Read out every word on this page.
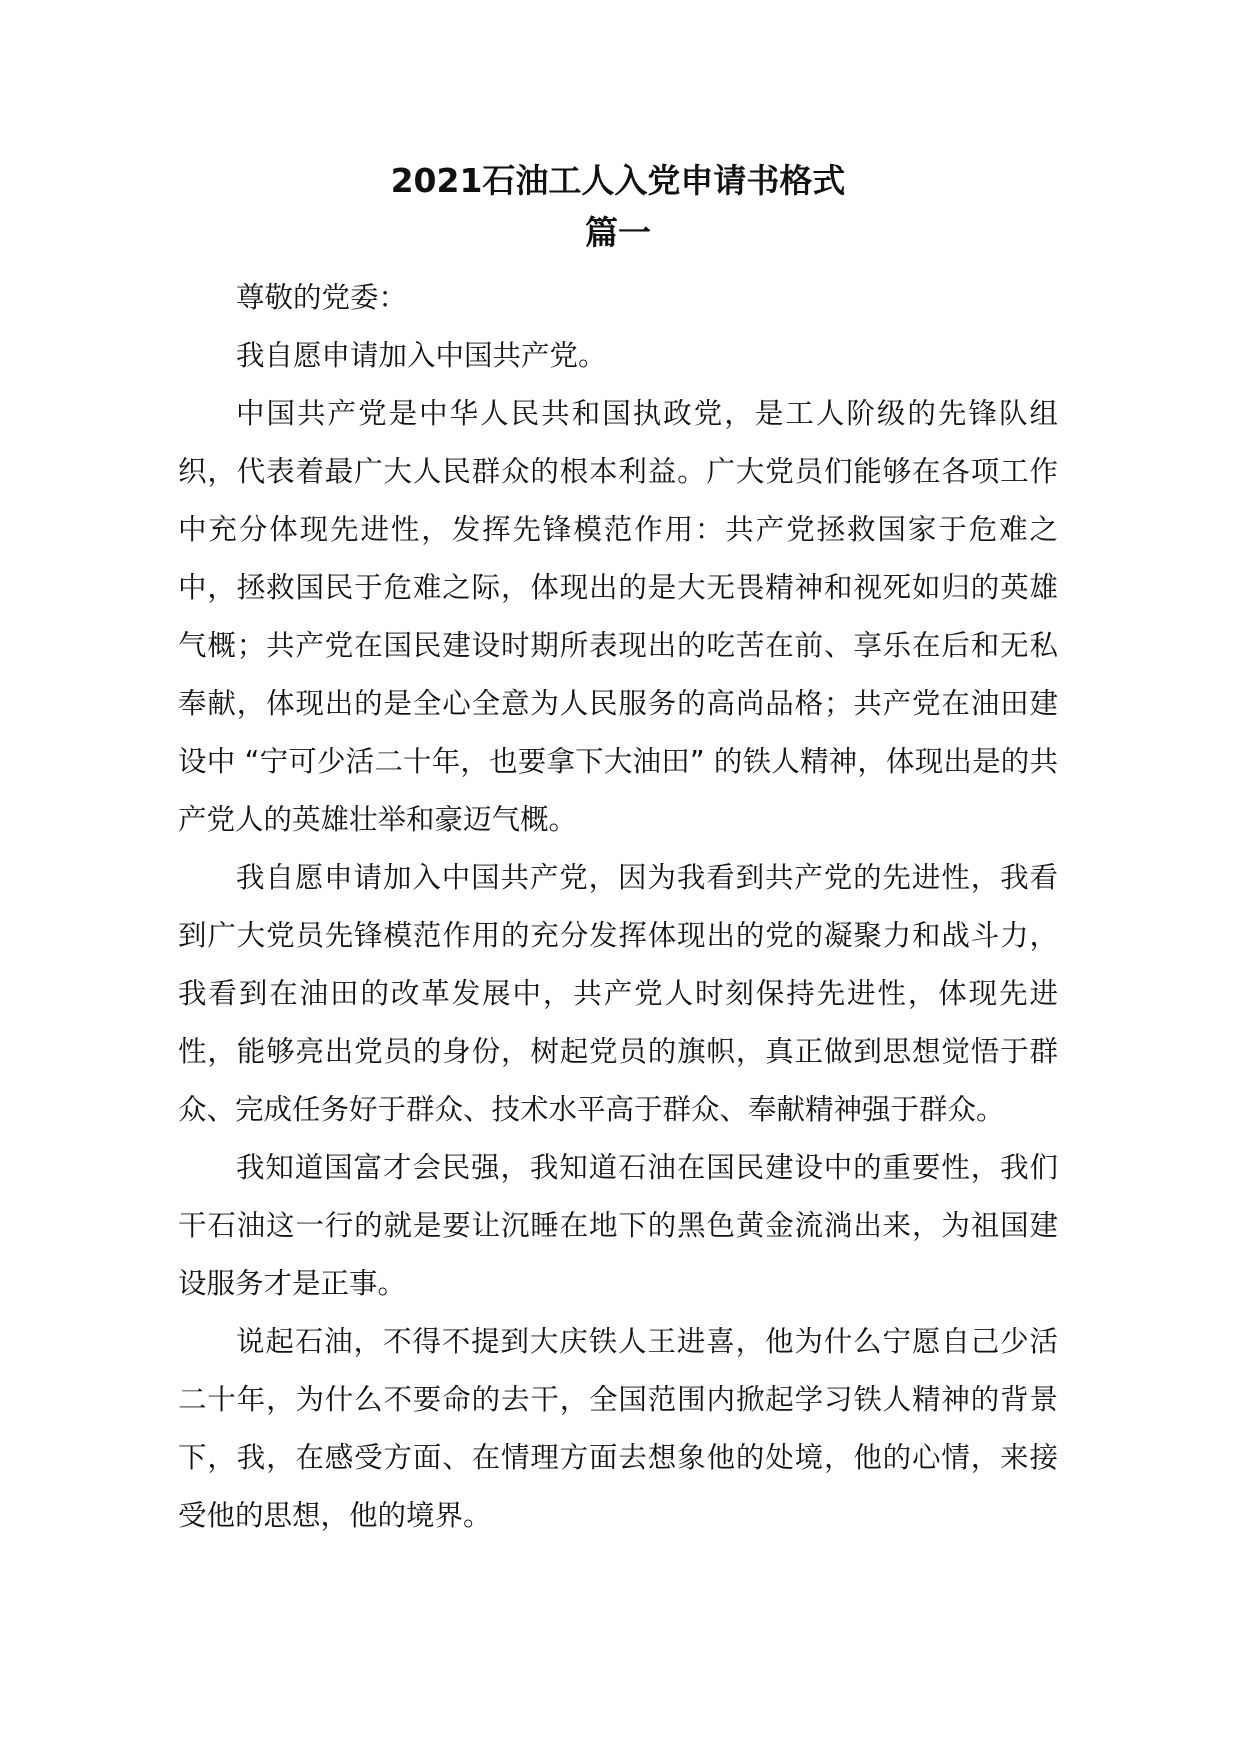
2021石油工人入党申请书格式
篇一

尊敬的党委：

我自愿申请加入中国共产党。

中国共产党是中华人民共和国执政党，是工人阶级的先锋队组织，代表着最广大人民群众的根本利益。广大党员们能够在各项工作中充分体现先进性，发挥先锋模范作用：共产党拯救国家于危难之中，拯救国民于危难之际，体现出的是大无畏精神和视死如归的英雄气概；共产党在国民建设时期所表现出的吃苦在前、享乐在后和无私奉献，体现出的是全心全意为人民服务的高尚品格；共产党在油田建设中 “宁可少活二十年，也要拿下大油田” 的铁人精神，体现出是的共产党人的英雄壮举和豪迈气概。

我自愿申请加入中国共产党，因为我看到共产党的先进性，我看到广大党员先锋模范作用的充分发挥体现出的党的凝聚力和战斗力，我看到在油田的改革发展中，共产党人时刻保持先进性，体现先进性，能够亮出党员的身份，树起党员的旗帜，真正做到思想觉悟于群众、完成任务好于群众、技术水平高于群众、奉献精神强于群众。

我知道国富才会民强，我知道石油在国民建设中的重要性，我们干石油这一行的就是要让沉睡在地下的黑色黄金流淌出来，为祖国建设服务才是正事。

说起石油，不得不提到大庆铁人王进喜，他为什么宁愿自己少活二十年，为什么不要命的去干，全国范围内掀起学习铁人精神的背景下，我，在感受方面、在情理方面去想象他的处境，他的心情，来接受他的思想，他的境界。
